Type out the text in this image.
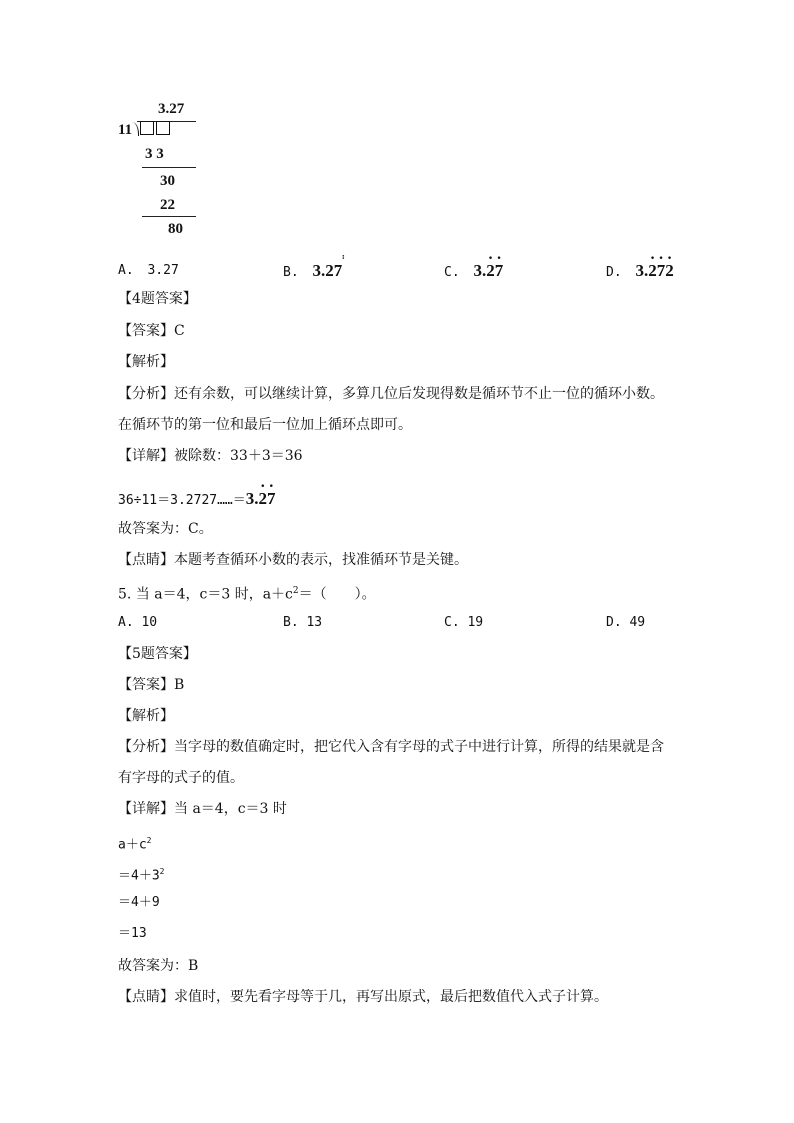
3.27
11
3 3
30
22
80
A. 3.27	B. 3.27 ¨	C. 3.2 ·7 ·	D. 3.2 ·7 ·2 ·
【4题答案】
【答案】C
【解析】
【分析】还有余数，可以继续计算，多算几位后发现得数是循环节不止一位的循环小数。
在循环节的第一位和最后一位加上循环点即可。
【详解】被除数：33＋3＝36
36÷11＝3.2727……＝3.2 ·7 ·
故答案为：C。
【点睛】本题考查循环小数的表示，找准循环节是关键。
5. 当 a＝4，c＝3 时，$a+c^2=$（　　）。
A. 10	B. 13	C. 19	D. 49
【5题答案】
【答案】B
【解析】
【分析】当字母的数值确定时，把它代入含有字母的式子中进行计算，所得的结果就是含
有字母的式子的值。
【详解】当 a＝4，c＝3 时
$a+c^2$
$=4+3^2$
＝4＋9
＝13
故答案为：B
【点睛】求值时，要先看字母等于几，再写出原式，最后把数值代入式子计算。
